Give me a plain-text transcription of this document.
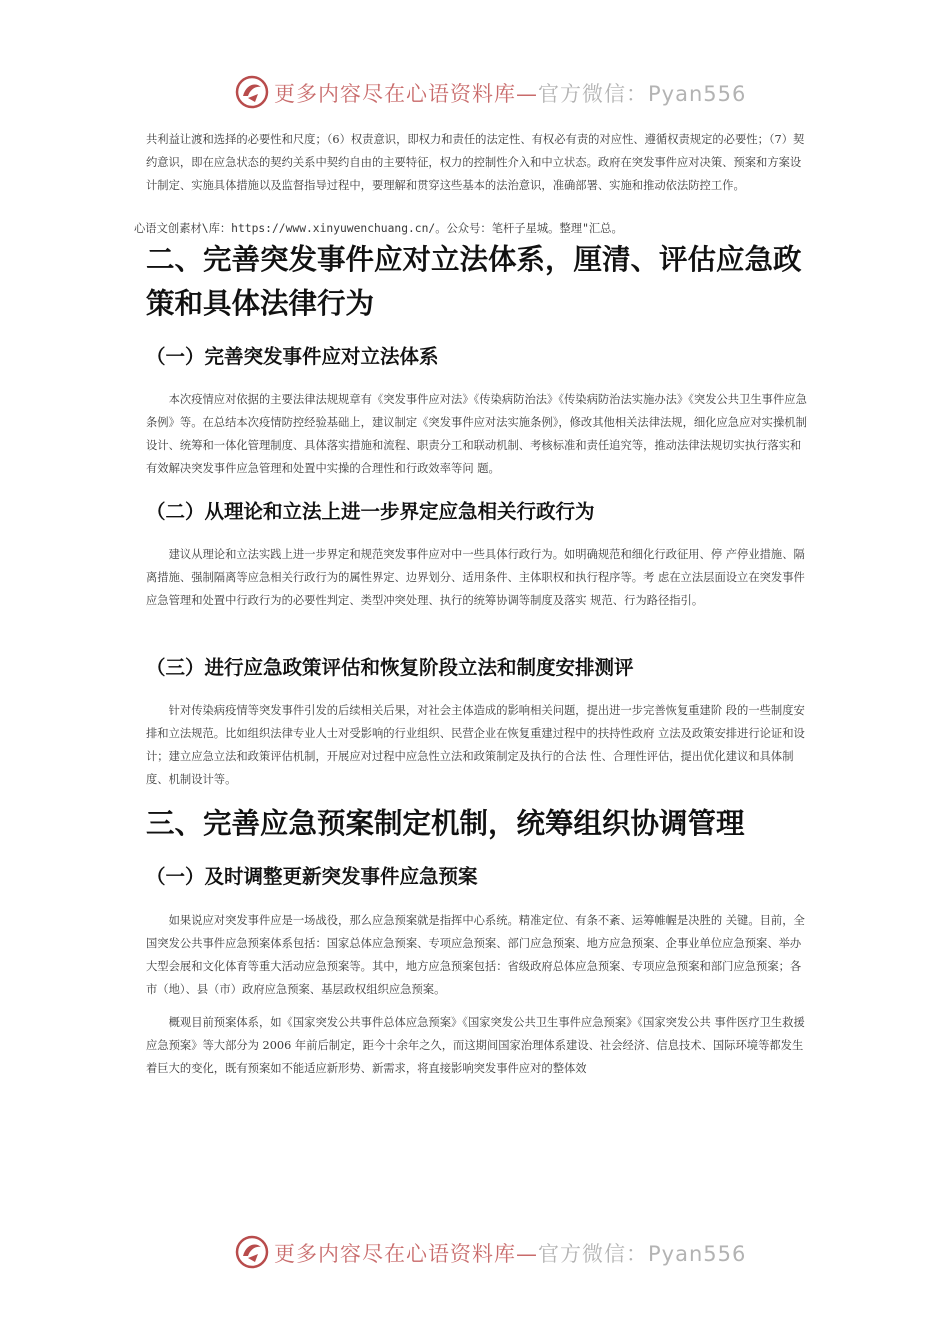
更多内容尽在心语资料库—官方微信：Pyan556

共利益让渡和选择的必要性和尺度；（6）权责意识，即权力和责任的法定性、有权必有责的对应性、遵循权责规定的必要性；（7）契约意识，即在应急状态的契约关系中契约自由的主要特征，权力的控制性介入和中立状态。政府在突发事件应对决策、预案和方案设计制定、实施具体措施以及监督指导过程中，要理解和贯穿这些基本的法治意识，准确部署、实施和推动依法防控工作。

心语文创素材\库：https://www.xinyuwenchuang.cn/。公众号：笔杆子星城。整理"汇总。
二、完善突发事件应对立法体系，厘清、评估应急政策和具体法律行为
（一）完善突发事件应对立法体系

本次疫情应对依据的主要法律法规规章有《突发事件应对法》《传染病防治法》《传染病防治法实施办法》《突发公共卫生事件应急条例》等。在总结本次疫情防控经验基础上，建议制定《突发事件应对法实施条例》，修改其他相关法律法规，细化应急应对实操机制设计、统筹和一体化管理制度、具体落实措施和流程、职责分工和联动机制、考核标准和责任追究等，推动法律法规切实执行落实和有效解决突发事件应急管理和处置中实操的合理性和行政效率等问 题。

（二）从理论和立法上进一步界定应急相关行政行为

建议从理论和立法实践上进一步界定和规范突发事件应对中一些具体行政行为。如明确规范和细化行政征用、停 产停业措施、隔离措施、强制隔离等应急相关行政行为的属性界定、边界划分、适用条件、主体职权和执行程序等。考 虑在立法层面设立在突发事件应急管理和处置中行政行为的必要性判定、类型冲突处理、执行的统筹协调等制度及落实 规范、行为路径指引。

（三）进行应急政策评估和恢复阶段立法和制度安排测评

针对传染病疫情等突发事件引发的后续相关后果，对社会主体造成的影响相关问题，提出进一步完善恢复重建阶 段的一些制度安排和立法规范。比如组织法律专业人士对受影响的行业组织、民营企业在恢复重建过程中的扶持性政府 立法及政策安排进行论证和设计；建立应急立法和政策评估机制，开展应对过程中应急性立法和政策制定及执行的合法 性、合理性评估，提出优化建议和具体制度、机制设计等。

三、完善应急预案制定机制，统筹组织协调管理
（一）及时调整更新突发事件应急预案

如果说应对突发事件应是一场战役，那么应急预案就是指挥中心系统。精准定位、有条不紊、运筹帷幄是决胜的 关键。目前，全国突发公共事件应急预案体系包括：国家总体应急预案、专项应急预案、部门应急预案、地方应急预案、企事业单位应急预案、举办大型会展和文化体育等重大活动应急预案等。其中，地方应急预案包括：省级政府总体应急预案、专项应急预案和部门应急预案；各市（地）、县（市）政府应急预案、基层政权组织应急预案。

概观目前预案体系，如《国家突发公共事件总体应急预案》《国家突发公共卫生事件应急预案》《国家突发公共 事件医疗卫生救援应急预案》等大部分为 2006 年前后制定，距今十余年之久，而这期间国家治理体系建设、社会经济、信息技术、国际环境等都发生着巨大的变化，既有预案如不能适应新形势、新需求，将直接影响突发事件应对的整体效

更多内容尽在心语资料库—官方微信：Pyan556
